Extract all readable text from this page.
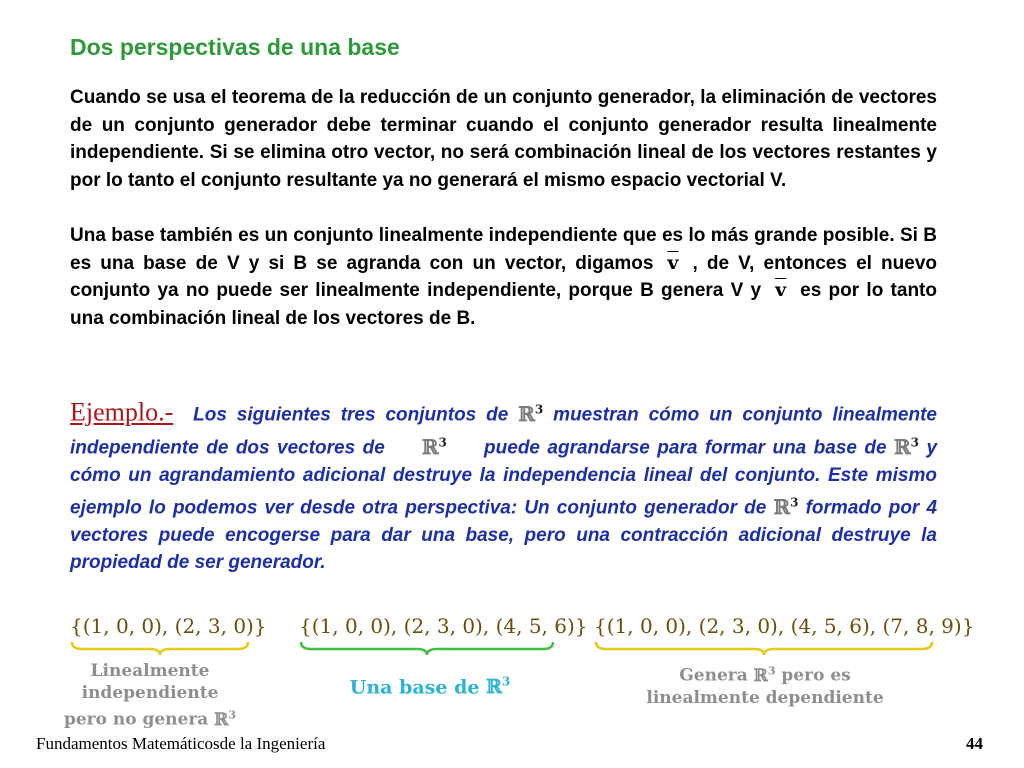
Dos perspectivas de una base
Cuando se usa el teorema de la reducción de un conjunto generador, la eliminación de vectores de un conjunto generador debe terminar cuando el conjunto generador resulta linealmente independiente. Si se elimina otro vector, no será combinación lineal de los vectores restantes y por lo tanto el conjunto resultante ya no generará el mismo espacio vectorial V.
Una base también es un conjunto linealmente independiente que es lo más grande posible. Si B es una base de V y si B se agranda con un vector, digamos $\overline{v}$ , de V, entonces el nuevo conjunto ya no puede ser linealmente independiente, porque B genera V y $\overline{v}$ es por lo tanto una combinación lineal de los vectores de B.
Ejemplo.- Los siguientes tres conjuntos de ℝ$^3$ muestran cómo un conjunto linealmente independiente de dos vectores de ℝ$^3$ puede agrandarse para formar una base de ℝ$^3$ y cómo un agrandamiento adicional destruye la independencia lineal del conjunto. Este mismo ejemplo lo podemos ver desde otra perspectiva: Un conjunto generador de ℝ$^3$ formado por 4 vectores puede encogerse para dar una base, pero una contracción adicional destruye la propiedad de ser generador.
{(1, 0, 0), (2, 3, 0)} {(1, 0, 0), (2, 3, 0), (4, 5, 6)} {(1, 0, 0), (2, 3, 0), (4, 5, 6), (7, 8, 9)}
Linealmente independiente
pero no genera ℝ$^3$
Una base de ℝ$^3$	Genera ℝ$^3$ pero es
linealmente dependiente
Fundamentos Matemáticosde la Ingeniería	44
